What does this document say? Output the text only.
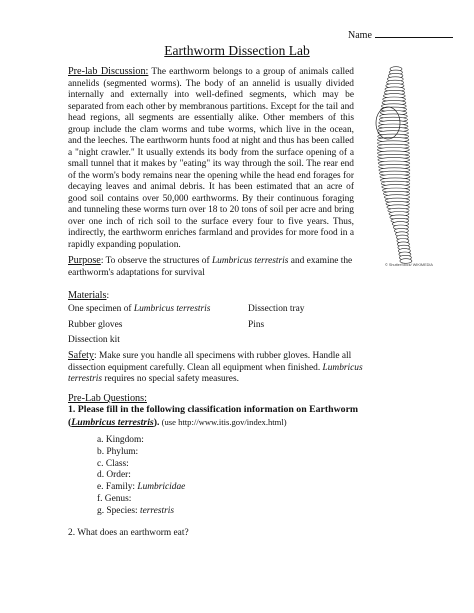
Name
Earthworm Dissection Lab
Pre-lab Discussion: The earthworm belongs to a group of animals called annelids (segmented worms). The body of an annelid is usually divided internally and externally into well-defined segments, which may be separated from each other by membranous partitions. Except for the tail and head regions, all segments are essentially alike. Other members of this group include the clam worms and tube worms, which live in the ocean, and the leeches. The earthworm hunts food at night and thus has been called a "night crawler." It usually extends its body from the surface opening of a small tunnel that it makes by "eating" its way through the soil. The rear end of the worm's body remains near the opening while the head end forages for decaying leaves and animal debris. It has been estimated that an acre of good soil contains over 50,000 earthworms. By their continuous foraging and tunneling these worms turn over 18 to 20 tons of soil per acre and bring over one inch of rich soil to the surface every four to five years. Thus, indirectly, the earthworm enriches farmland and provides for more food in a rapidly expanding population.
© ShutterStock/ WIKIMEDIA
Purpose: To observe the structures of Lumbricus terrestris and examine the earthworm's adaptations for survival
Materials:
One specimen of Lumbricus terrestris	Dissection tray
Rubber gloves	Pins
Dissection kit
Safety: Make sure you handle all specimens with rubber gloves. Handle all dissection equipment carefully. Clean all equipment when finished. Lumbricus terrestris requires no special safety measures.
Pre-Lab Questions:
1. Please fill in the following classification information on Earthworm (Lumbricus terrestris). (use http://www.itis.gov/index.html)
a. Kingdom:
b. Phylum:
c. Class:
d. Order:
e. Family: Lumbricidae
f. Genus:
g. Species: terrestris
2. What does an earthworm eat?
